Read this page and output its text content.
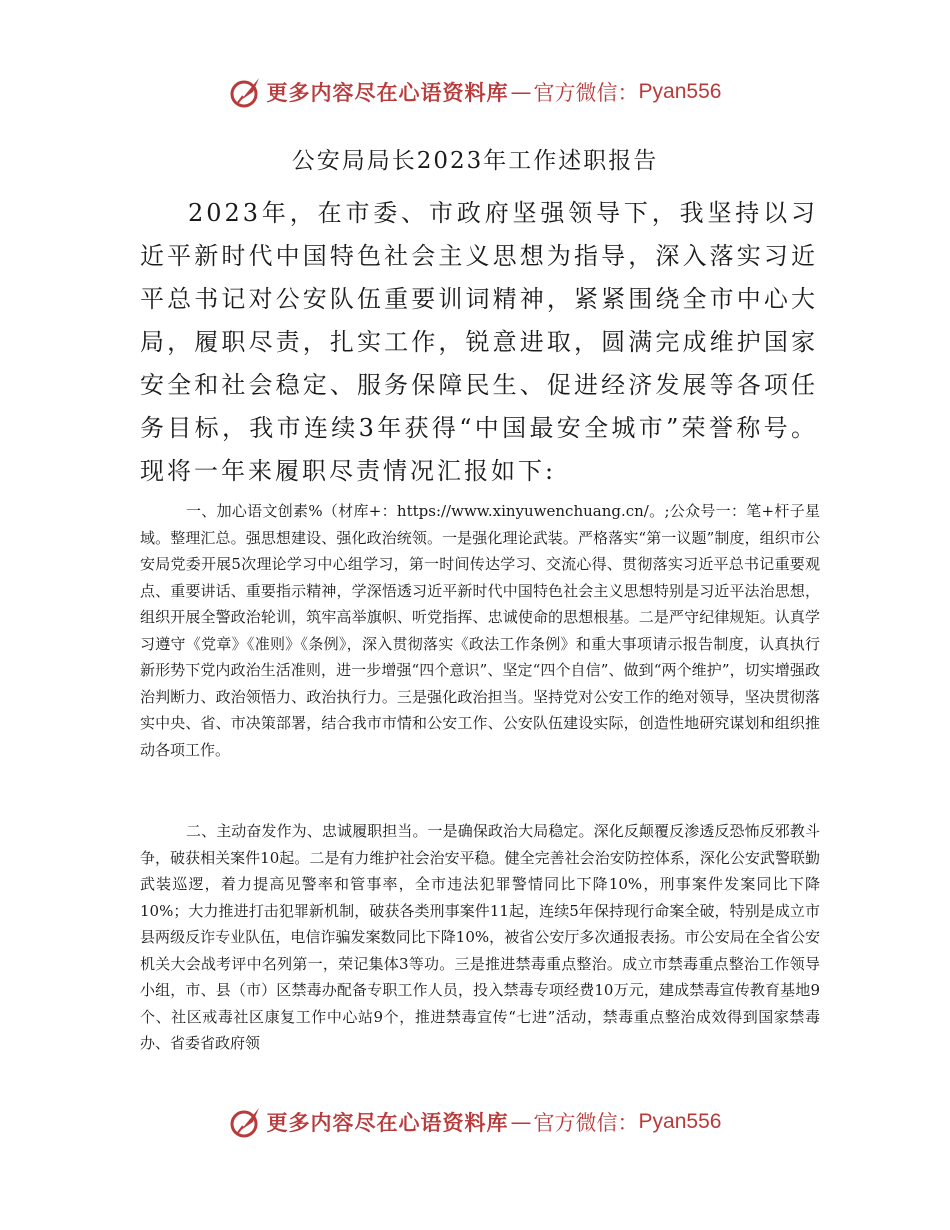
更多内容尽在心语资料库 — 官方微信： Pyan556
公安局局长2023年工作述职报告

2023年，在市委、市政府坚强领导下，我坚持以习近平新时代中国特色社会主义思想为指导，深入落实习近平总书记对公安队伍重要训词精神，紧紧围绕全市中心大局，履职尽责，扎实工作，锐意进取，圆满完成维护国家安全和社会稳定、服务保障民生、促进经济发展等各项任务目标，我市连续3年获得“中国最安全城市”荣誉称号。现将一年来履职尽责情况汇报如下:

一、加心语文创素%（材库+：https://www.xinyuwenchuang.cn/。;公众号一：笔+杆子星域。整理汇总。强思想建设、强化政治统领。一是强化理论武装。严格落实“第一议题”制度，组织市公安局党委开展5次理论学习中心组学习，第一时间传达学习、交流心得、贯彻落实习近平总书记重要观点、重要讲话、重要指示精神，学深悟透习近平新时代中国特色社会主义思想特别是习近平法治思想，组织开展全警政治轮训，筑牢高举旗帜、听党指挥、忠诚使命的思想根基。二是严守纪律规矩。认真学习遵守《党章》《准则》《条例》，深入贯彻落实《政法工作条例》和重大事项请示报告制度，认真执行新形势下党内政治生活准则，进一步增强“四个意识”、坚定“四个自信”、做到“两个维护”，切实增强政治判断力、政治领悟力、政治执行力。三是强化政治担当。坚持党对公安工作的绝对领导，坚决贯彻落实中央、省、市决策部署，结合我市市情和公安工作、公安队伍建设实际，创造性地研究谋划和组织推动各项工作。

二、主动奋发作为、忠诚履职担当。一是确保政治大局稳定。深化反颠覆反渗透反恐怖反邪教斗争，破获相关案件10起。二是有力维护社会治安平稳。健全完善社会治安防控体系，深化公安武警联勤武装巡逻，着力提高见警率和管事率，全市违法犯罪警情同比下降10%，刑事案件发案同比下降10%；大力推进打击犯罪新机制，破获各类刑事案件11起，连续5年保持现行命案全破，特别是成立市县两级反诈专业队伍，电信诈骗发案数同比下降10%，被省公安厅多次通报表扬。市公安局在全省公安机关大会战考评中名列第一，荣记集体3等功。三是推进禁毒重点整治。成立市禁毒重点整治工作领导小组，市、县（市）区禁毒办配备专职工作人员，投入禁毒专项经费10万元，建成禁毒宣传教育基地9个、社区戒毒社区康复工作中心站9个，推进禁毒宣传“七进”活动，禁毒重点整治成效得到国家禁毒办、省委省政府领

更多内容尽在心语资料库 — 官方微信： Pyan556
